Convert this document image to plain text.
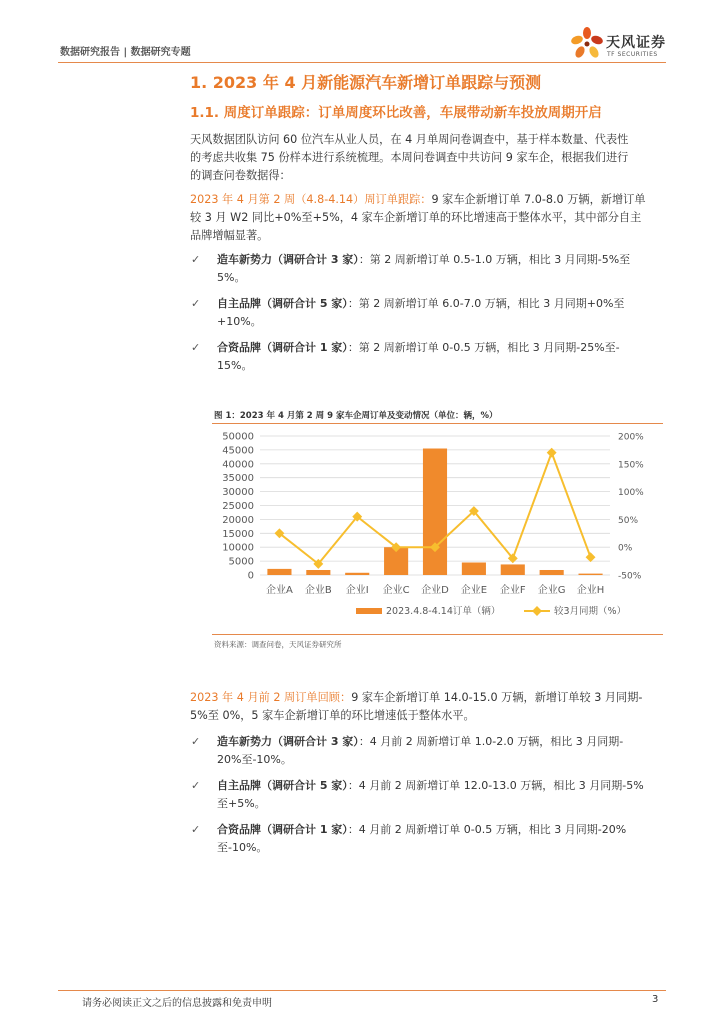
数据研究报告 | 数据研究专题
天风证券
TF SECURITIES
1. 2023 年 4 月新能源汽车新增订单跟踪与预测
1.1. 周度订单跟踪：订单周度环比改善，车展带动新车投放周期开启
天风数据团队访问 60 位汽车从业人员，在 4 月单周问卷调查中，基于样本数量、代表性
的考虑共收集 75 份样本进行系统梳理。本周问卷调查中共访问 9 家车企，根据我们进行
的调查问卷数据得：
2023 年 4 月第 2 周（4.8-4.14）周订单跟踪：9 家车企新增订单 7.0-8.0 万辆，新增订单
较 3 月 W2 同比+0%至+5%，4 家车企新增订单的环比增速高于整体水平，其中部分自主
品牌增幅显著。
✓ 造车新势力（调研合计 3 家）：第 2 周新增订单 0.5-1.0 万辆，相比 3 月同期-5%至
5%。
✓ 自主品牌（调研合计 5 家）：第 2 周新增订单 6.0-7.0 万辆，相比 3 月同期+0%至
+10%。
✓ 合资品牌（调研合计 1 家）：第 2 周新增订单 0-0.5 万辆，相比 3 月同期-25%至-
15%。
图 1：2023 年 4 月第 2 周 9 家车企周订单及变动情况（单位：辆，%）
0
5000
10000
15000
20000
25000
30000
35000
40000
45000
50000
-50%
0%
50%
100%
150%
200%
企业A 企业B 企业I 企业C 企业D 企业E 企业F 企业G 企业H
2023.4.8-4.14订单（辆）	较3月同期（%）
资料来源：调查问卷，天风证券研究所
2023 年 4 月前 2 周订单回顾：9 家车企新增订单 14.0-15.0 万辆，新增订单较 3 月同期-
5%至 0%，5 家车企新增订单的环比增速低于整体水平。
✓ 造车新势力（调研合计 3 家）：4 月前 2 周新增订单 1.0-2.0 万辆，相比 3 月同期-
20%至-10%。
✓ 自主品牌（调研合计 5 家）：4 月前 2 周新增订单 12.0-13.0 万辆，相比 3 月同期-5%
至+5%。
✓ 合资品牌（调研合计 1 家）：4 月前 2 周新增订单 0-0.5 万辆，相比 3 月同期-20%
至-10%。
请务必阅读正文之后的信息披露和免责申明	3
